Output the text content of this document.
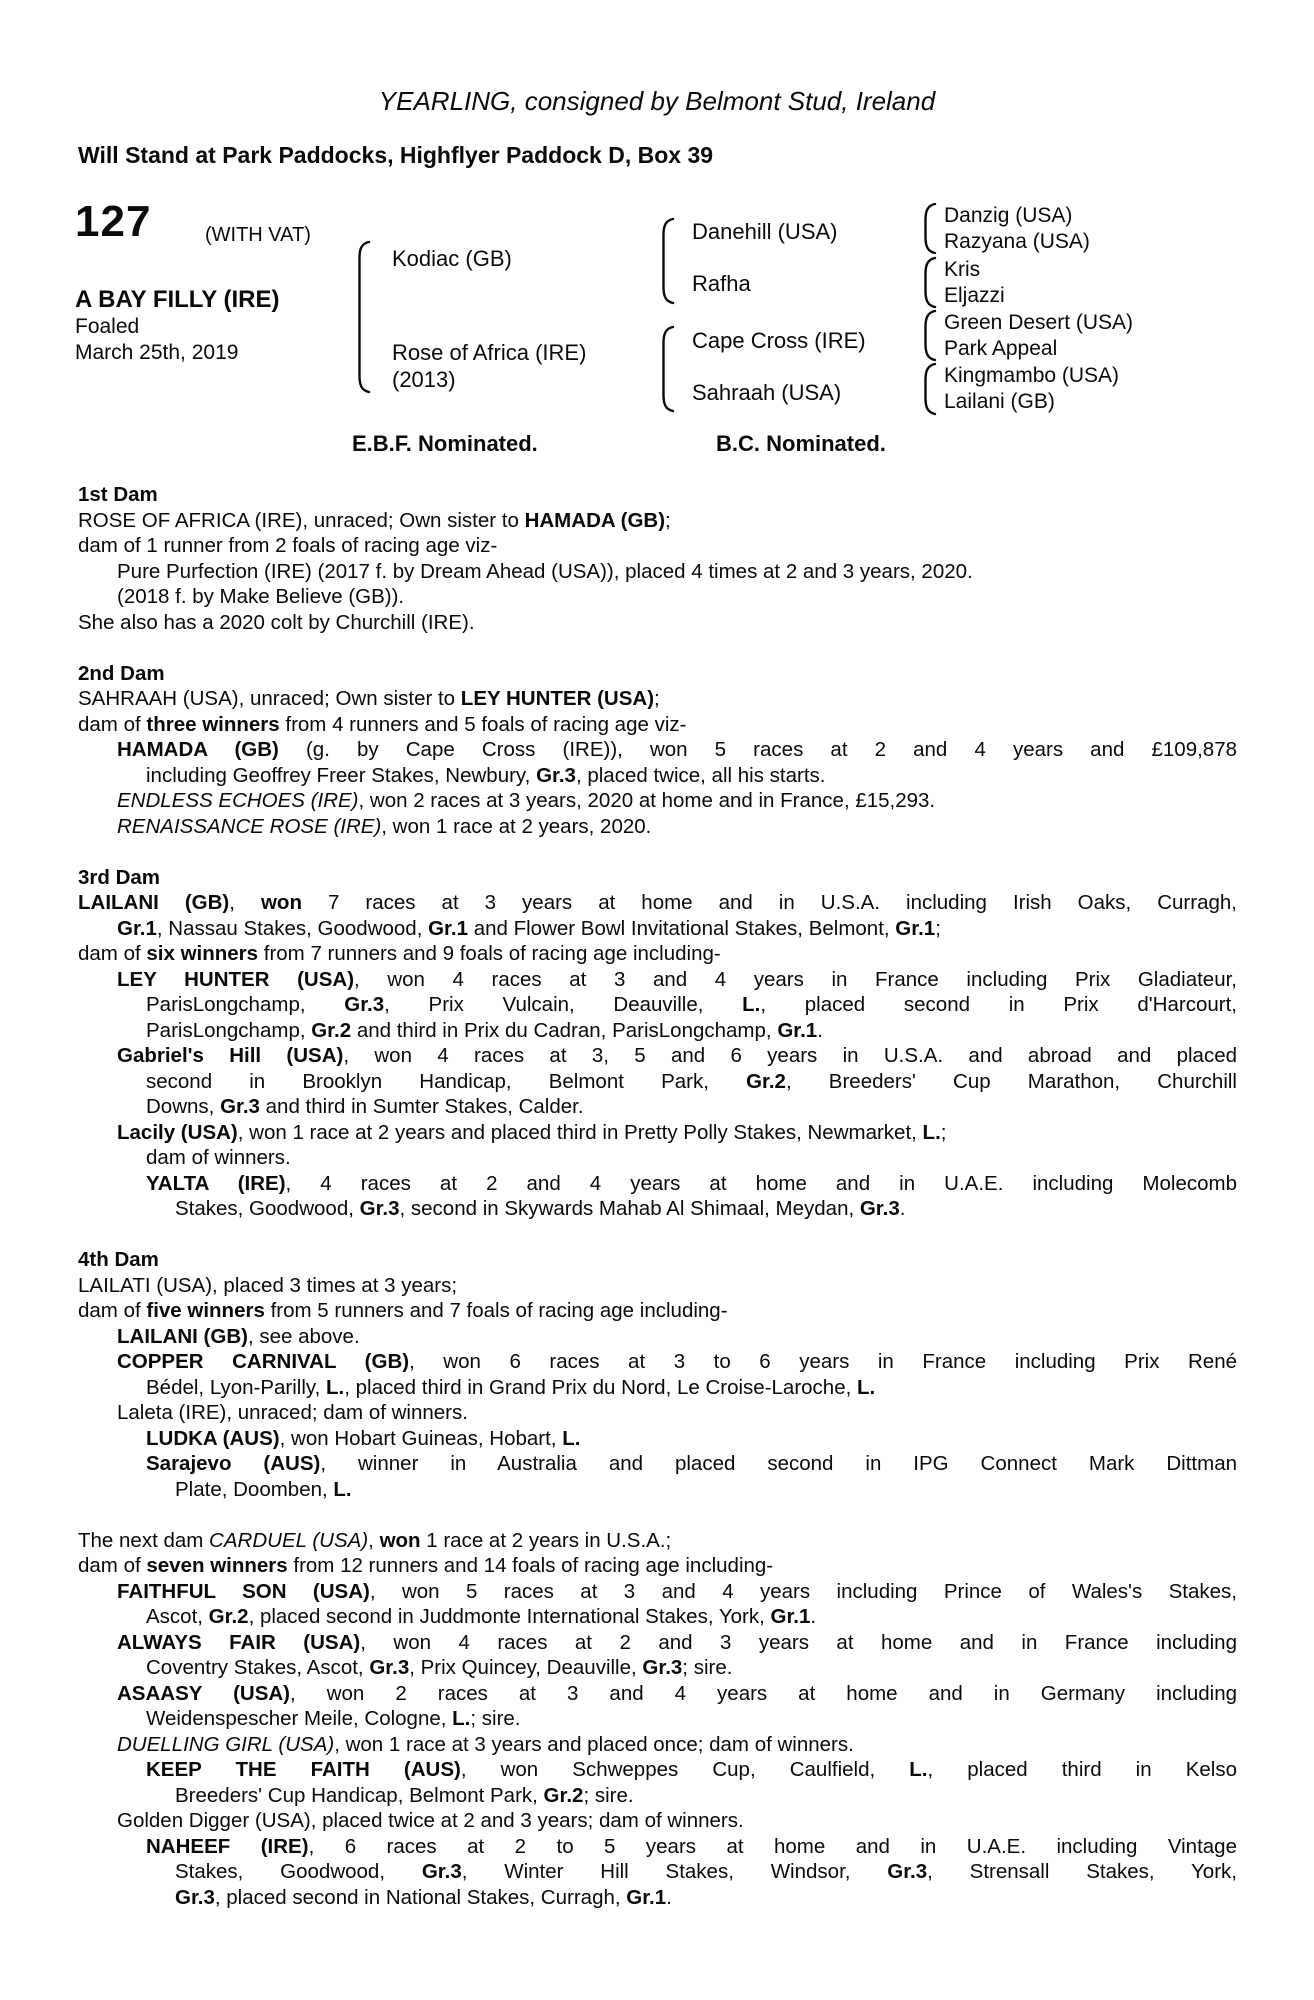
YEARLING, consigned by Belmont Stud, Ireland
Will Stand at Park Paddocks, Highflyer Paddock D, Box 39
127	(WITH VAT)
A BAY FILLY (IRE)
Foaled
March 25th, 2019
Kodiac (GB)
Rose of Africa (IRE)
(2013)
Danehill (USA)
Rafha
Cape Cross (IRE)
Sahraah (USA)
Danzig (USA)
Razyana (USA)
Kris
Eljazzi
Green Desert (USA)
Park Appeal
Kingmambo (USA)
Lailani (GB)
E.B.F. Nominated.	B.C. Nominated.
1st Dam
ROSE OF AFRICA (IRE), unraced; Own sister to HAMADA (GB);
dam of 1 runner from 2 foals of racing age viz-
Pure Purfection (IRE) (2017 f. by Dream Ahead (USA)), placed 4 times at 2 and 3 years, 2020.
(2018 f. by Make Believe (GB)).
She also has a 2020 colt by Churchill (IRE).
2nd Dam
SAHRAAH (USA), unraced; Own sister to LEY HUNTER (USA);
dam of three winners from 4 runners and 5 foals of racing age viz-
HAMADA (GB) (g. by Cape Cross (IRE)), won 5 races at 2 and 4 years and £109,878
including Geoffrey Freer Stakes, Newbury, Gr.3, placed twice, all his starts.
ENDLESS ECHOES (IRE), won 2 races at 3 years, 2020 at home and in France, £15,293.
RENAISSANCE ROSE (IRE), won 1 race at 2 years, 2020.
3rd Dam
LAILANI (GB), won 7 races at 3 years at home and in U.S.A. including Irish Oaks, Curragh,
Gr.1, Nassau Stakes, Goodwood, Gr.1 and Flower Bowl Invitational Stakes, Belmont, Gr.1;
dam of six winners from 7 runners and 9 foals of racing age including-
LEY HUNTER (USA), won 4 races at 3 and 4 years in France including Prix Gladiateur,
ParisLongchamp, Gr.3, Prix Vulcain, Deauville, L., placed second in Prix d'Harcourt,
ParisLongchamp, Gr.2 and third in Prix du Cadran, ParisLongchamp, Gr.1.
Gabriel's Hill (USA), won 4 races at 3, 5 and 6 years in U.S.A. and abroad and placed
second in Brooklyn Handicap, Belmont Park, Gr.2, Breeders' Cup Marathon, Churchill
Downs, Gr.3 and third in Sumter Stakes, Calder.
Lacily (USA), won 1 race at 2 years and placed third in Pretty Polly Stakes, Newmarket, L.;
dam of winners.
YALTA (IRE), 4 races at 2 and 4 years at home and in U.A.E. including Molecomb
Stakes, Goodwood, Gr.3, second in Skywards Mahab Al Shimaal, Meydan, Gr.3.
4th Dam
LAILATI (USA), placed 3 times at 3 years;
dam of five winners from 5 runners and 7 foals of racing age including-
LAILANI (GB), see above.
COPPER CARNIVAL (GB), won 6 races at 3 to 6 years in France including Prix René
Bédel, Lyon-Parilly, L., placed third in Grand Prix du Nord, Le Croise-Laroche, L.
Laleta (IRE), unraced; dam of winners.
LUDKA (AUS), won Hobart Guineas, Hobart, L.
Sarajevo (AUS), winner in Australia and placed second in IPG Connect Mark Dittman
Plate, Doomben, L.
The next dam CARDUEL (USA), won 1 race at 2 years in U.S.A.;
dam of seven winners from 12 runners and 14 foals of racing age including-
FAITHFUL SON (USA), won 5 races at 3 and 4 years including Prince of Wales's Stakes,
Ascot, Gr.2, placed second in Juddmonte International Stakes, York, Gr.1.
ALWAYS FAIR (USA), won 4 races at 2 and 3 years at home and in France including
Coventry Stakes, Ascot, Gr.3, Prix Quincey, Deauville, Gr.3; sire.
ASAASY (USA), won 2 races at 3 and 4 years at home and in Germany including
Weidenspescher Meile, Cologne, L.; sire.
DUELLING GIRL (USA), won 1 race at 3 years and placed once; dam of winners.
KEEP THE FAITH (AUS), won Schweppes Cup, Caulfield, L., placed third in Kelso
Breeders' Cup Handicap, Belmont Park, Gr.2; sire.
Golden Digger (USA), placed twice at 2 and 3 years; dam of winners.
NAHEEF (IRE), 6 races at 2 to 5 years at home and in U.A.E. including Vintage
Stakes, Goodwood, Gr.3, Winter Hill Stakes, Windsor, Gr.3, Strensall Stakes, York,
Gr.3, placed second in National Stakes, Curragh, Gr.1.
